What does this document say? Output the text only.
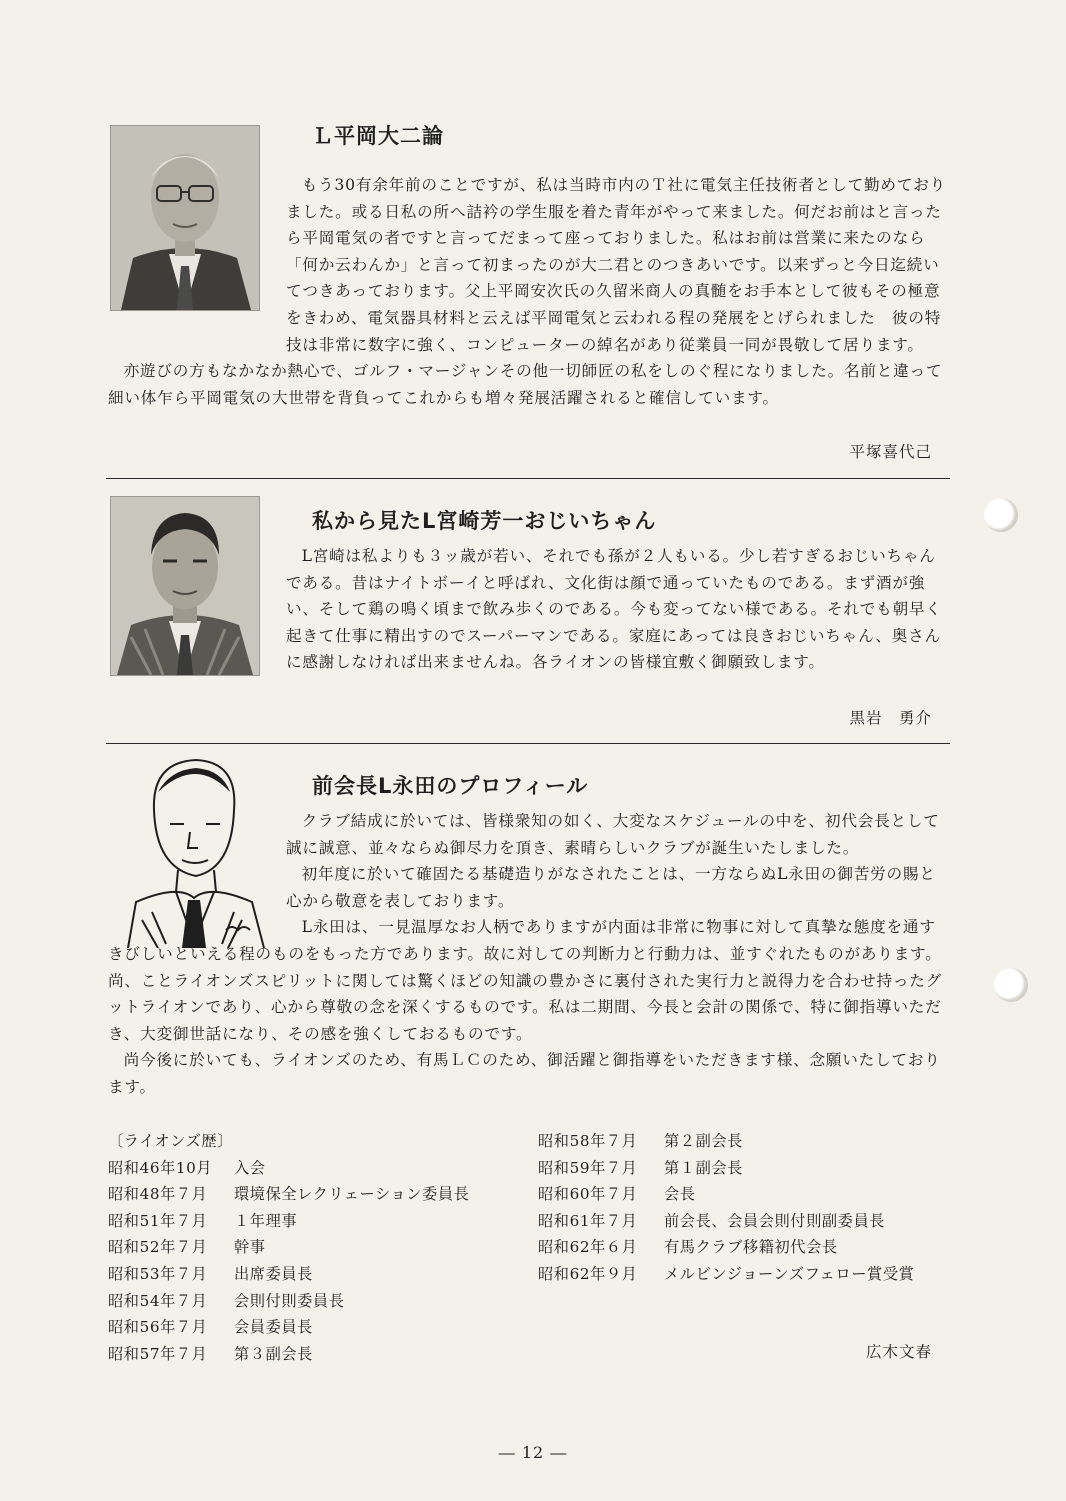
Ｌ平岡大二論

もう30有余年前のことですが、私は当時市内のＴ社に電気主任技術者として勤めておりました。或る日私の所へ詰衿の学生服を着た青年がやって来ました。何だお前はと言ったら平岡電気の者ですと言ってだまって座っておりました。私はお前は営業に来たのなら「何か云わんか」と言って初まったのが大二君とのつきあいです。以来ずっと今日迄続いてつきあっております。父上平岡安次氏の久留米商人の真髄をお手本として彼もその極意をきわめ、電気器具材料と云えば平岡電気と云われる程の発展をとげられました　彼の特技は非常に数字に強く、コンピューターの綽名があり従業員一同が畏敬して居ります。

亦遊びの方もなかなか熱心で、ゴルフ・マージャンその他一切師匠の私をしのぐ程になりました。名前と違って細い体乍ら平岡電気の大世帯を背負ってこれからも増々発展活躍されると確信しています。

平塚喜代己
私から見たL宮崎芳一おじいちゃん

L宮崎は私よりも３ッ歳が若い、それでも孫が２人もいる。少し若すぎるおじいちゃんである。昔はナイトボーイと呼ばれ、文化街は顔で通っていたものである。まず酒が強い、そして鶏の鳴く頃まで飲み歩くのである。今も変ってない様である。それでも朝早く起きて仕事に精出すのでスーパーマンである。家庭にあっては良きおじいちゃん、奥さんに感謝しなければ出来ませんね。各ライオンの皆様宜敷く御願致します。

黒岩　勇介
前会長L永田のプロフィール

クラブ結成に於いては、皆様衆知の如く、大変なスケジュールの中を、初代会長として誠に誠意、並々ならぬ御尽力を頂き、素晴らしいクラブが誕生いたしました。

初年度に於いて確固たる基礎造りがなされたことは、一方ならぬL永田の御苦労の賜と心から敬意を表しております。

L永田は、一見温厚なお人柄でありますが内面は非常に物事に対して真摯な態度を通すきびしいといえる程のものをもった方であります。故に対しての判断力と行動力は、並すぐれたものがあります。尚、ことライオンズスピリットに関しては驚くほどの知識の豊かさに裏付された実行力と説得力を合わせ持ったグットライオンであり、心から尊敬の念を深くするものです。私は二期間、今長と会計の関係で、特に御指導いただき、大変御世話になり、その感を強くしておるものです。

尚今後に於いても、ライオンズのため、有馬ＬＣのため、御活躍と御指導をいただきます様、念願いたしております。

〔ライオンズ歴〕
昭和46年10月	入会
昭和48年７月	環境保全レクリェーション委員長
昭和51年７月	１年理事
昭和52年７月	幹事
昭和53年７月	出席委員長
昭和54年７月	会則付則委員長
昭和56年７月	会員委員長
昭和57年７月	第３副会長
昭和58年７月	第２副会長
昭和59年７月	第１副会長
昭和60年７月	会長
昭和61年７月	前会長、会員会則付則副委員長
昭和62年６月	有馬クラブ移籍初代会長
昭和62年９月	メルビンジョーンズフェロー賞受賞
広木文春
― 12 ―
